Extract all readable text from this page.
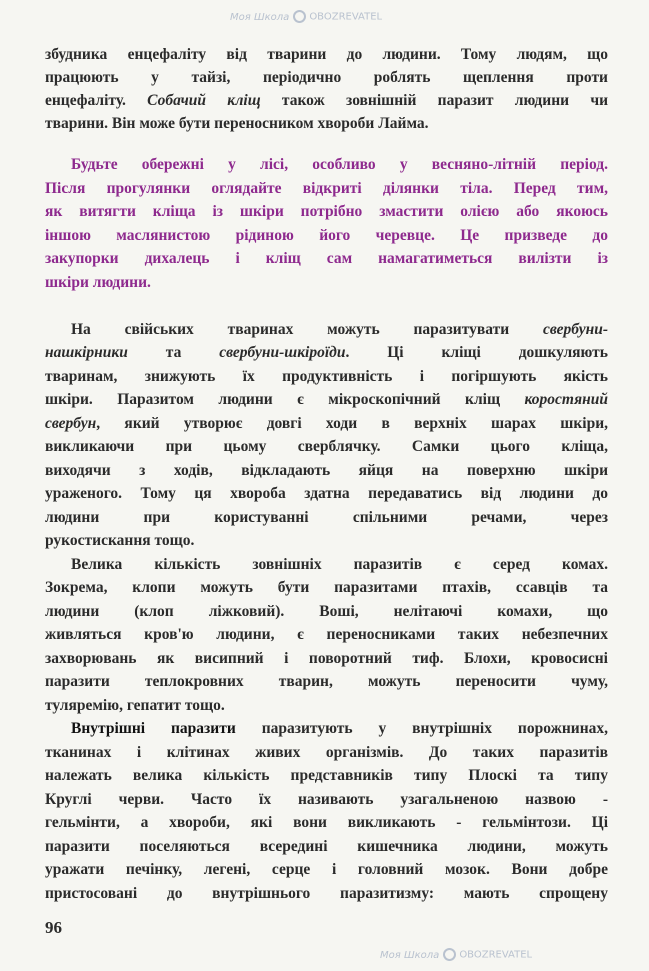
Моя Школа OBOZREVATEL
Моя Школа OBOZREVATEL
збудника енцефаліту від тварини до людини. Тому людям, що
працюють у тайзі, періодично роблять щеплення проти
енцефаліту. Собачий кліщ також зовнішній паразит людини чи
тварини. Він може бути переносником хвороби Лайма.
Будьте обережні у лісі, особливо у весняно-літній період.
Після прогулянки оглядайте відкриті ділянки тіла. Перед тим,
як витягти кліща із шкіри потрібно змастити олією або якоюсь
іншою маслянистою рідиною його черевце. Це призведе до
закупорки дихалець і кліщ сам намагатиметься вилізти із
шкіри людини.
На свійських тваринах можуть паразитувати свербуни-
нашкірники та свербуни-шкіроїди. Ці кліщі дошкуляють
тваринам, знижують їх продуктивність і погіршують якість
шкіри. Паразитом людини є мікроскопічний кліщ коростяний
свербун, який утворює довгі ходи в верхніх шарах шкіри,
викликаючи при цьому сверблячку. Самки цього кліща,
виходячи з ходів, відкладають яйця на поверхню шкіри
ураженого. Тому ця хвороба здатна передаватись від людини до
людини при користуванні спільними речами, через
рукостискання тощо.
Велика кількість зовнішніх паразитів є серед комах.
Зокрема, клопи можуть бути паразитами птахів, ссавців та
людини (клоп ліжковий). Воші, нелітаючі комахи, що
живляться кров'ю людини, є переносниками таких небезпечних
захворювань як висипний і поворотний тиф. Блохи, кровосисні
паразити теплокровних тварин, можуть переносити чуму,
туляремію, гепатит тощо.
Внутрішні паразити паразитують у внутрішніх порожнинах,
тканинах і клітинах живих організмів. До таких паразитів
належать велика кількість представників типу Плоскі та типу
Круглі черви. Часто їх називають узагальненою назвою -
гельмінти, а хвороби, які вони викликають - гельмінтози. Ці
паразити поселяються всередині кишечника людини, можуть
уражати печінку, легені, серце і головний мозок. Вони добре
пристосовані до внутрішнього паразитизму: мають спрощену
96
